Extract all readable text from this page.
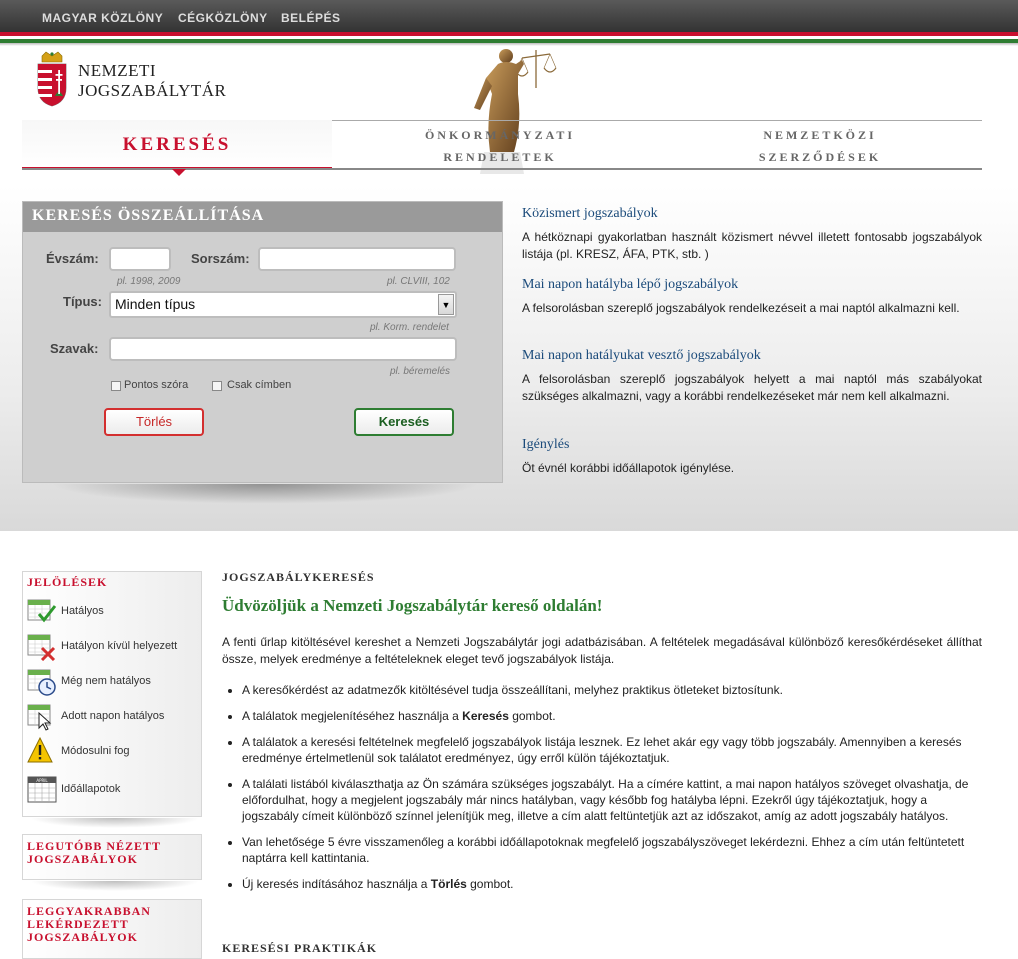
MAGYAR KÖZLÖNY CÉGKÖZLÖNY BELÉPÉS
NEMZETI
JOGSZABÁLYTÁR
KERESÉS	ÖNKORMÁNYZATI
RENDELETEK
NEMZETKÖZI
SZERZŐDÉSEK
KERESÉS ÖSSZEÁLLÍTÁSA
Évszám:
pl. 1998, 2009
Sorszám:
pl. CLVIII, 102
Típus: Minden típus	▼
pl. Korm. rendelet
Szavak:
pl. béremelés
Pontos szóra	Csak címben
Törlés	Keresés
Közismert jogszabályok

A hétköznapi gyakorlatban használt közismert névvel illetett fontosabb jogszabályok listája (pl. KRESZ, ÁFA, PTK, stb. )

Mai napon hatályba lépő jogszabályok

A felsorolásban szereplő jogszabályok rendelkezéseit a mai naptól alkalmazni kell.

Mai napon hatályukat vesztő jogszabályok

A felsorolásban szereplő jogszabályok helyett a mai naptól más szabályokat szükséges alkalmazni, vagy a korábbi rendelkezéseket már nem kell alkalmazni.

Igénylés

Öt évnél korábbi időállapotok igénylése.

JELÖLÉSEK
Hatályos
Hatályon kívül helyezett
Még nem hatályos
Adott napon hatályos
Módosulni fog
APRIL
Időállapotok
LEGUTÓBB NÉZETT
JOGSZABÁLYOK
LEGGYAKRABBAN
LEKÉRDEZETT
JOGSZABÁLYOK
JOGSZABÁLYKERESÉS
Üdvözöljük a Nemzeti Jogszabálytár kereső oldalán!
A fenti űrlap kitöltésével kereshet a Nemzeti Jogszabálytár jogi adatbázisában. A feltételek megadásával különböző keresőkérdéseket állíthat össze, melyek eredménye a feltételeknek eleget tevő jogszabályok listája.
• A keresőkérdést az adatmezők kitöltésével tudja összeállítani, melyhez praktikus ötleteket biztosítunk.
• A találatok megjelenítéséhez használja a Keresés gombot.
• A találatok a keresési feltételnek megfelelő jogszabályok listája lesznek. Ez lehet akár egy vagy több jogszabály. Amennyiben a keresés eredménye értelmetlenül sok találatot eredményez, úgy erről külön tájékoztatjuk.
• A találati listából kiválaszthatja az Ön számára szükséges jogszabályt. Ha a címére kattint, a mai napon hatályos szöveget olvashatja, de előfordulhat, hogy a megjelent jogszabály már nincs hatályban, vagy később fog hatályba lépni. Ezekről úgy tájékoztatjuk, hogy a jogszabály címeit különböző színnel jelenítjük meg, illetve a cím alatt feltüntetjük azt az időszakot, amíg az adott jogszabály hatályos.
• Van lehetősége 5 évre visszamenőleg a korábbi időállapotoknak megfelelő jogszabályszöveget lekérdezni. Ehhez a cím után feltüntetett naptárra kell kattintania.
• Új keresés indításához használja a Törlés gombot.
KERESÉSI PRAKTIKÁK
